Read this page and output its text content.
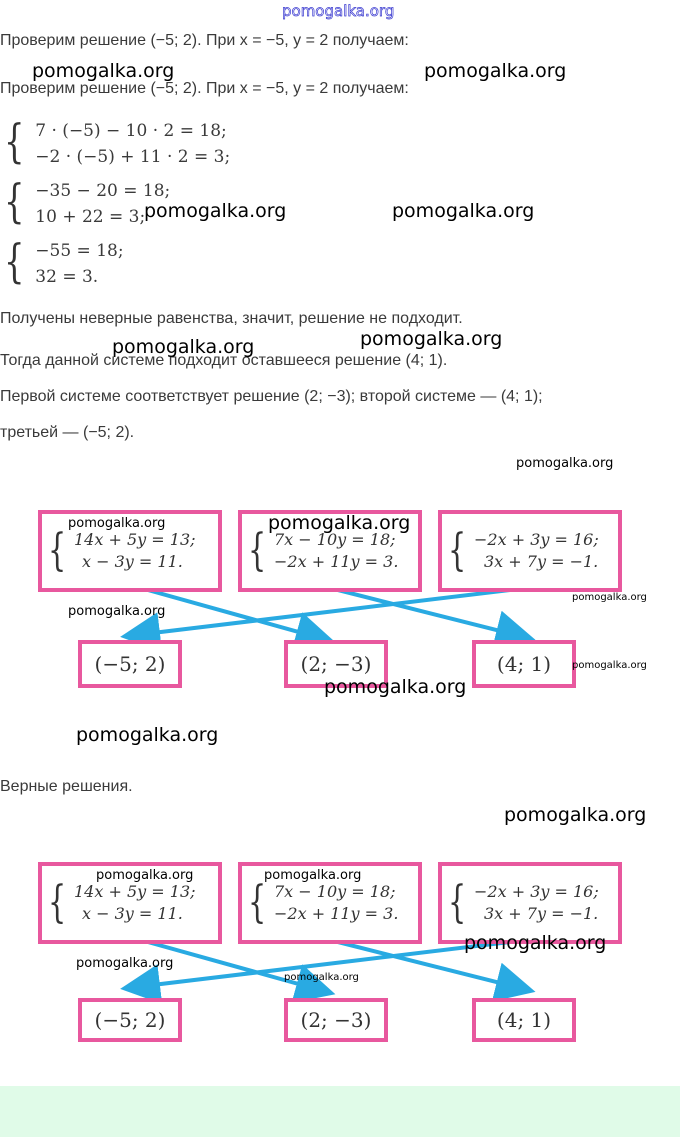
pomogalka.org
Проверим решение (−5; 2). При x = −5, y = 2 получаем:
Проверим решение (−5; 2). При x = −5, y = 2 получаем:
{ 7 · (−5) − 10 · 2 = 18;
−2 · (−5) + 11 · 2 = 3;
{ −35 − 20 = 18;
10 + 22 = 3;
{ −55 = 18;
32 = 3.
Получены неверные равенства, значит, решение не подходит.
Тогда данной системе подходит оставшееся решение (4; 1).
Первой системе соответствует решение (2; −3); второй системе — (4; 1);
третьей — (−5; 2).
{ 14x + 5y = 13;
x − 3y = 11. { 7x − 10y = 18;
−2x + 11y = 3. { −2x + 3y = 16;
3x + 7y = −1.
(−5; 2)	(2; −3)	(4; 1)
Верные решения.
{ 14x + 5y = 13;
x − 3y = 11. { 7x − 10y = 18;
−2x + 11y = 3. { −2x + 3y = 16;
3x + 7y = −1.
(−5; 2)	(2; −3)	(4; 1)
pomogalka.org	pomogalka.org
pomogalka.org	pomogalka.org
pomogalka.org
pomogalka.org
pomogalka.org
pomogalka.org	pomogalka.org
pomogalka.org
pomogalka.org
pomogalka.org
pomogalka.org
pomogalka.org
pomogalka.org
pomogalka.org	pomogalka.org
pomogalka.org
pomogalka.org
pomogalka.org
